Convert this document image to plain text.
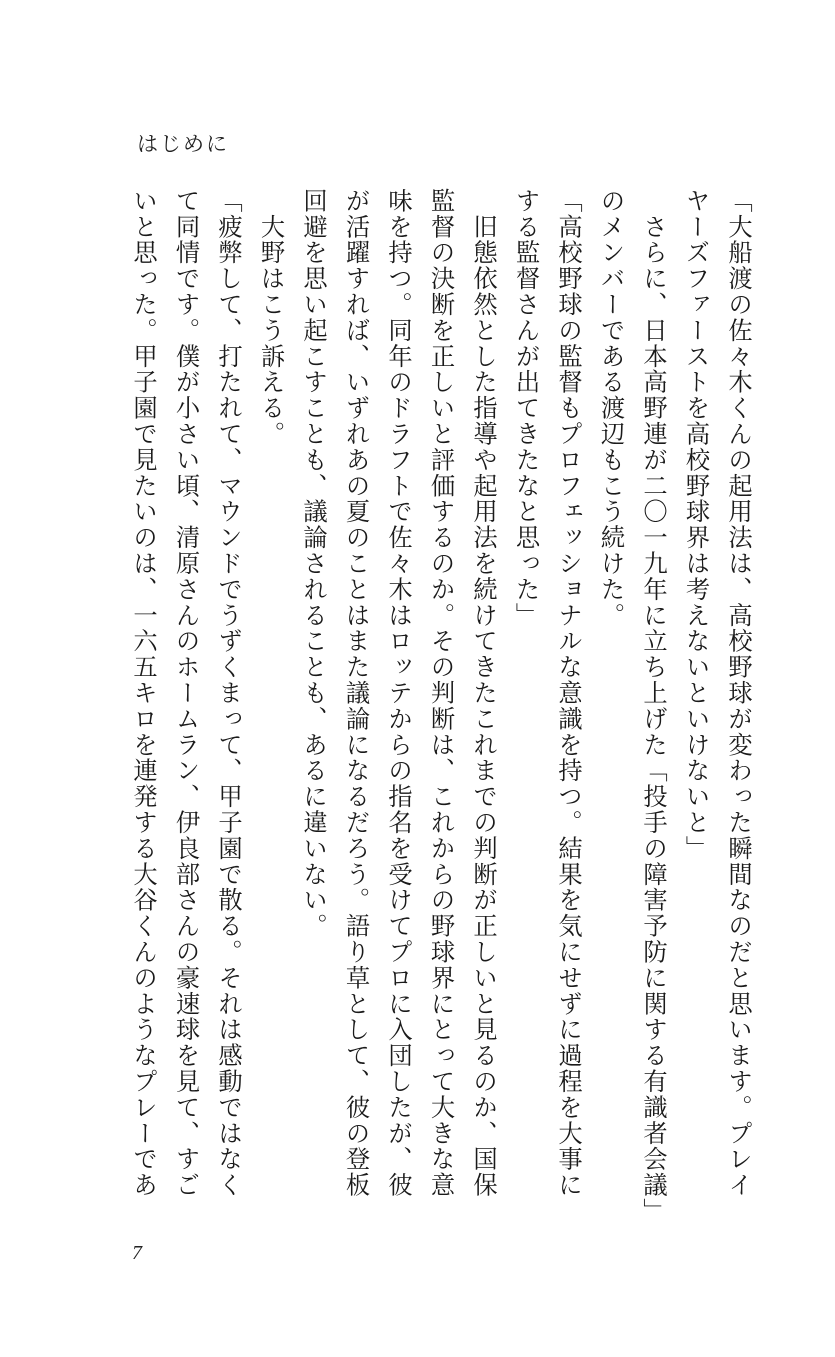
はじめに

「大船渡の佐々木くんの起用法は、高校野球が変わった瞬間なのだと思います。プレイヤーズファーストを高校野球界は考えないといけないと」

　さらに、日本高野連が二〇一九年に立ち上げた「投手の障害予防に関する有識者会議」のメンバーである渡辺もこう続けた。

「高校野球の監督もプロフェッショナルな意識を持つ。結果を気にせずに過程を大事にする監督さんが出てきたなと思った」

　旧態依然とした指導や起用法を続けてきたこれまでの判断が正しいと見るのか、国保監督の決断を正しいと評価するのか。その判断は、これからの野球界にとって大きな意味を持つ。同年のドラフトで佐々木はロッテからの指名を受けてプロに入団したが、彼が活躍すれば、いずれあの夏のことはまた議論になるだろう。語り草として、彼の登板回避を思い起こすことも、議論されることも、あるに違いない。

　大野はこう訴える。

「疲弊して、打たれて、マウンドでうずくまって、甲子園で散る。それは感動ではなくて同情です。僕が小さい頃、清原さんのホームラン、伊良部さんの豪速球を見て、すごいと思った。甲子園で見たいのは、一六五キロを連発する大谷くんのようなプレーであ

7
